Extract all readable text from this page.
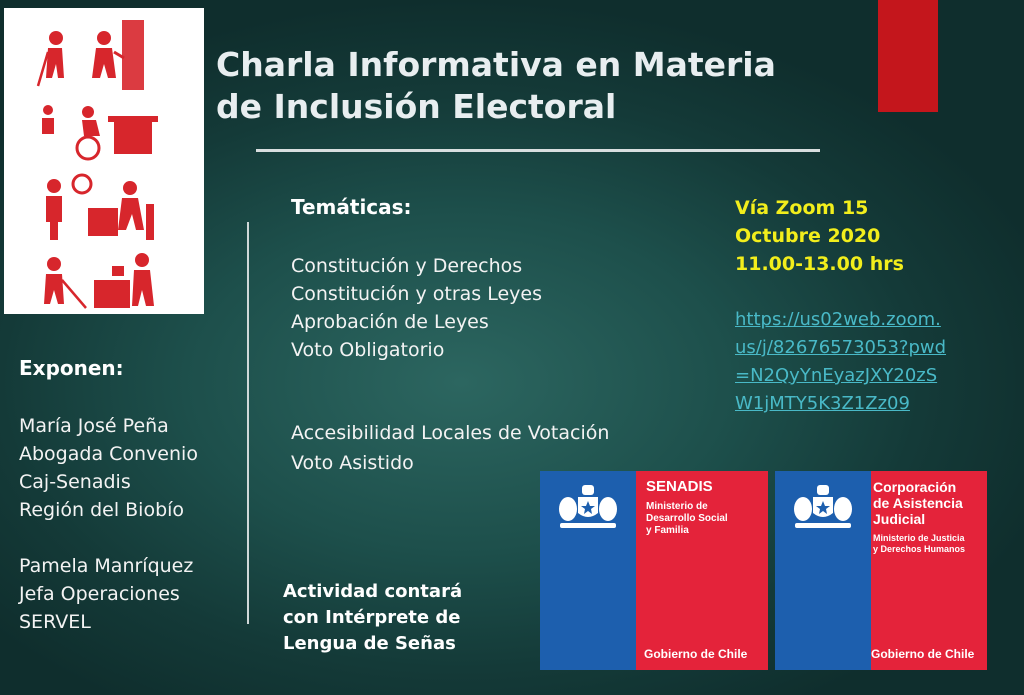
Charla Informativa en Materia
de Inclusión Electoral
Temáticas:
Constitución y Derechos
Constitución y otras Leyes
Aprobación de Leyes
Voto Obligatorio
Accesibilidad Locales de Votación
Voto Asistido
Exponen:
María José Peña
Abogada Convenio
Caj-Senadis
Región del Biobío
Pamela Manríquez
Jefa Operaciones
SERVEL
Actividad contará
con Intérprete de
Lengua de Señas
Vía Zoom 15
Octubre 2020
11.00-13.00 hrs
https://us02web.zoom.
us/j/82676573053?pwd
=N2QyYnEyazJXY20zS
W1jMTY5K3Z1Zz09
SENADIS
Ministerio de
Desarrollo Social
y Familia
Gobierno de Chile
Corporación
de Asistencia
Judicial
Ministerio de Justicia
y Derechos Humanos
Gobierno de Chile
